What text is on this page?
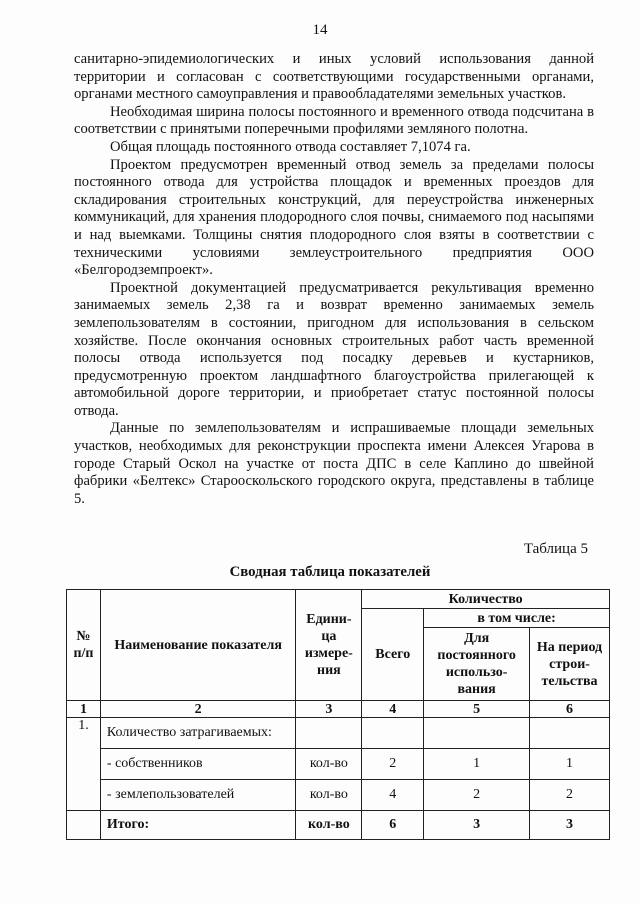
14

санитарно-эпидемиологических и иных условий использования данной территории и согласован с соответствующими государственными органами, органами местного самоуправления и правообладателями земельных участков.

Необходимая ширина полосы постоянного и временного отвода подсчитана в соответствии с принятыми поперечными профилями земляного полотна.

Общая площадь постоянного отвода составляет 7,1074 га.

Проектом предусмотрен временный отвод земель за пределами полосы постоянного отвода для устройства площадок и временных проездов для складирования строительных конструкций, для переустройства инженерных коммуникаций, для хранения плодородного слоя почвы, снимаемого под насыпями и над выемками. Толщины снятия плодородного слоя взяты в соответствии с техническими условиями землеустроительного предприятия ООО «Белгородземпроект».

Проектной документацией предусматривается рекультивация временно занимаемых земель 2,38 га и возврат временно занимаемых земель землепользователям в состоянии, пригодном для использования в сельском хозяйстве. После окончания основных строительных работ часть временной полосы отвода используется под посадку деревьев и кустарников, предусмотренную проектом ландшафтного благоустройства прилегающей к автомобильной дороге территории, и приобретает статус постоянной полосы отвода.

Данные по землепользователям и испрашиваемые площади земельных участков, необходимых для реконструкции проспекта имени Алексея Угарова в городе Старый Оскол на участке от поста ДПС в селе Каплино до швейной фабрики «Белтекс» Старооскольского городского округа, представлены в таблице 5.

Таблица 5
Сводная таблица показателей
№ п/п	Наименование показателя	Едини-ца измере-ния	Количество		
			Всего	в том числе:	
				Для постоянного использо-вания	На период строи-тельства
1	2	3	4	5	6
1.	Количество затрагиваемых:				
	- собственников	кол-во	2	1	1
	- землепользователей	кол-во	4	2	2
	Итого:	кол-во	6	3	3
